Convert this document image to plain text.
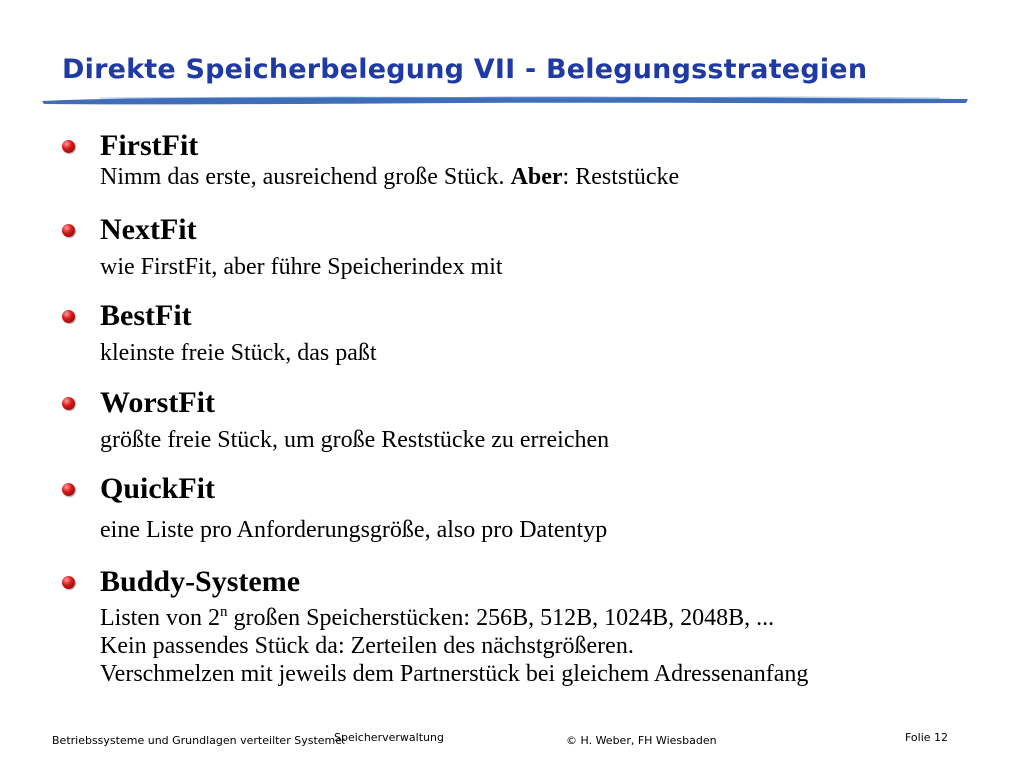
Direkte Speicherbelegung VII - Belegungsstrategien
FirstFit
Nimm das erste, ausreichend große Stück. Aber: Reststücke
NextFit
wie FirstFit, aber führe Speicherindex mit
BestFit
kleinste freie Stück, das paßt
WorstFit
größte freie Stück, um große Reststücke zu erreichen
QuickFit
eine Liste pro Anforderungsgröße, also pro Datentyp
Buddy-Systeme
Listen von 2$^n$ großen Speicherstücken: 256B, 512B, 1024B, 2048B, ...
Kein passendes Stück da: Zerteilen des nächstgrößeren.
Verschmelzen mit jeweils dem Partnerstück bei gleichem Adressenanfang
Betriebssysteme und Grundlagen verteilter Systeme:
Speicherverwaltung	© H. Weber, FH Wiesbaden	Folie 12
